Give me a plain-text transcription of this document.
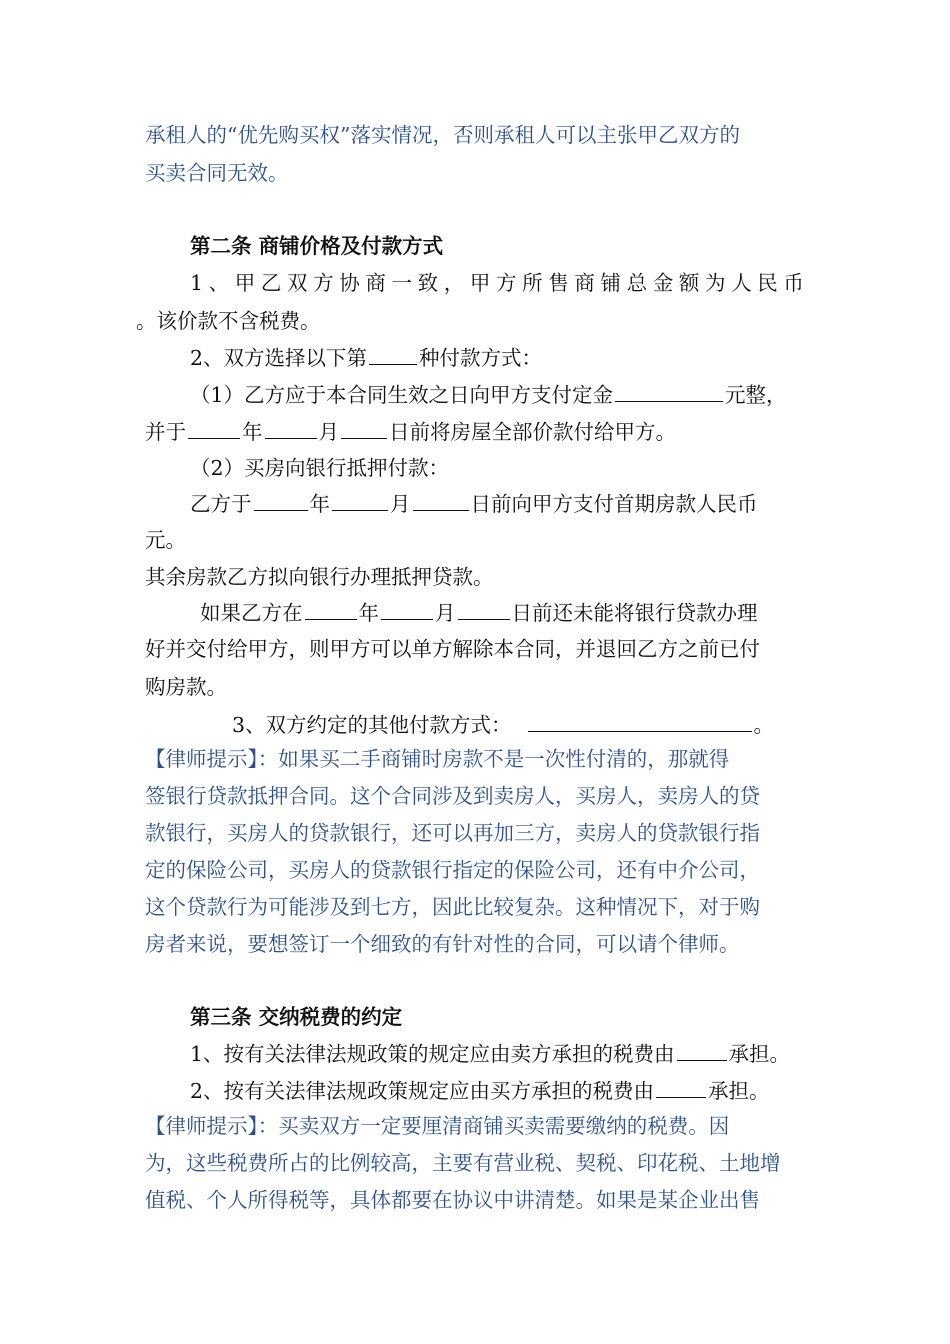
承租人的“优先购买权”落实情况，否则承租人可以主张甲乙双方的
买卖合同无效。
第二条 商铺价格及付款方式
1 、 甲 乙 双 方 协 商 一 致 ， 甲 方 所 售 商 铺 总 金 额 为 人 民 币
。该价款不含税费。
2、双方选择以下第	种付款方式：
（1）乙方应于本合同生效之日向甲方支付定金	元整，
并于	年	月 日前将房屋全部价款付给甲方。
（2）买房向银行抵押付款：
乙方于	年	月	日前向甲方支付首期房款人民币
元。
其余房款乙方拟向银行办理抵押贷款。
如果乙方在	年	月	日前还未能将银行贷款办理
好并交付给甲方，则甲方可以单方解除本合同，并退回乙方之前已付
购房款。
3、双方约定的其他付款方式：	。
【律师提示】：如果买二手商铺时房款不是一次性付清的，那就得
签银行贷款抵押合同。这个合同涉及到卖房人，买房人，卖房人的贷
款银行，买房人的贷款银行，还可以再加三方，卖房人的贷款银行指
定的保险公司，买房人的贷款银行指定的保险公司，还有中介公司，
这个贷款行为可能涉及到七方，因此比较复杂。这种情况下，对于购
房者来说，要想签订一个细致的有针对性的合同，可以请个律师。
第三条 交纳税费的约定
1、按有关法律法规政策的规定应由卖方承担的税费由	承担。
2、按有关法律法规政策规定应由买方承担的税费由	承担。
【律师提示】：买卖双方一定要厘清商铺买卖需要缴纳的税费。因
为，这些税费所占的比例较高，主要有营业税、契税、印花税、土地增
值税、个人所得税等，具体都要在协议中讲清楚。如果是某企业出售
